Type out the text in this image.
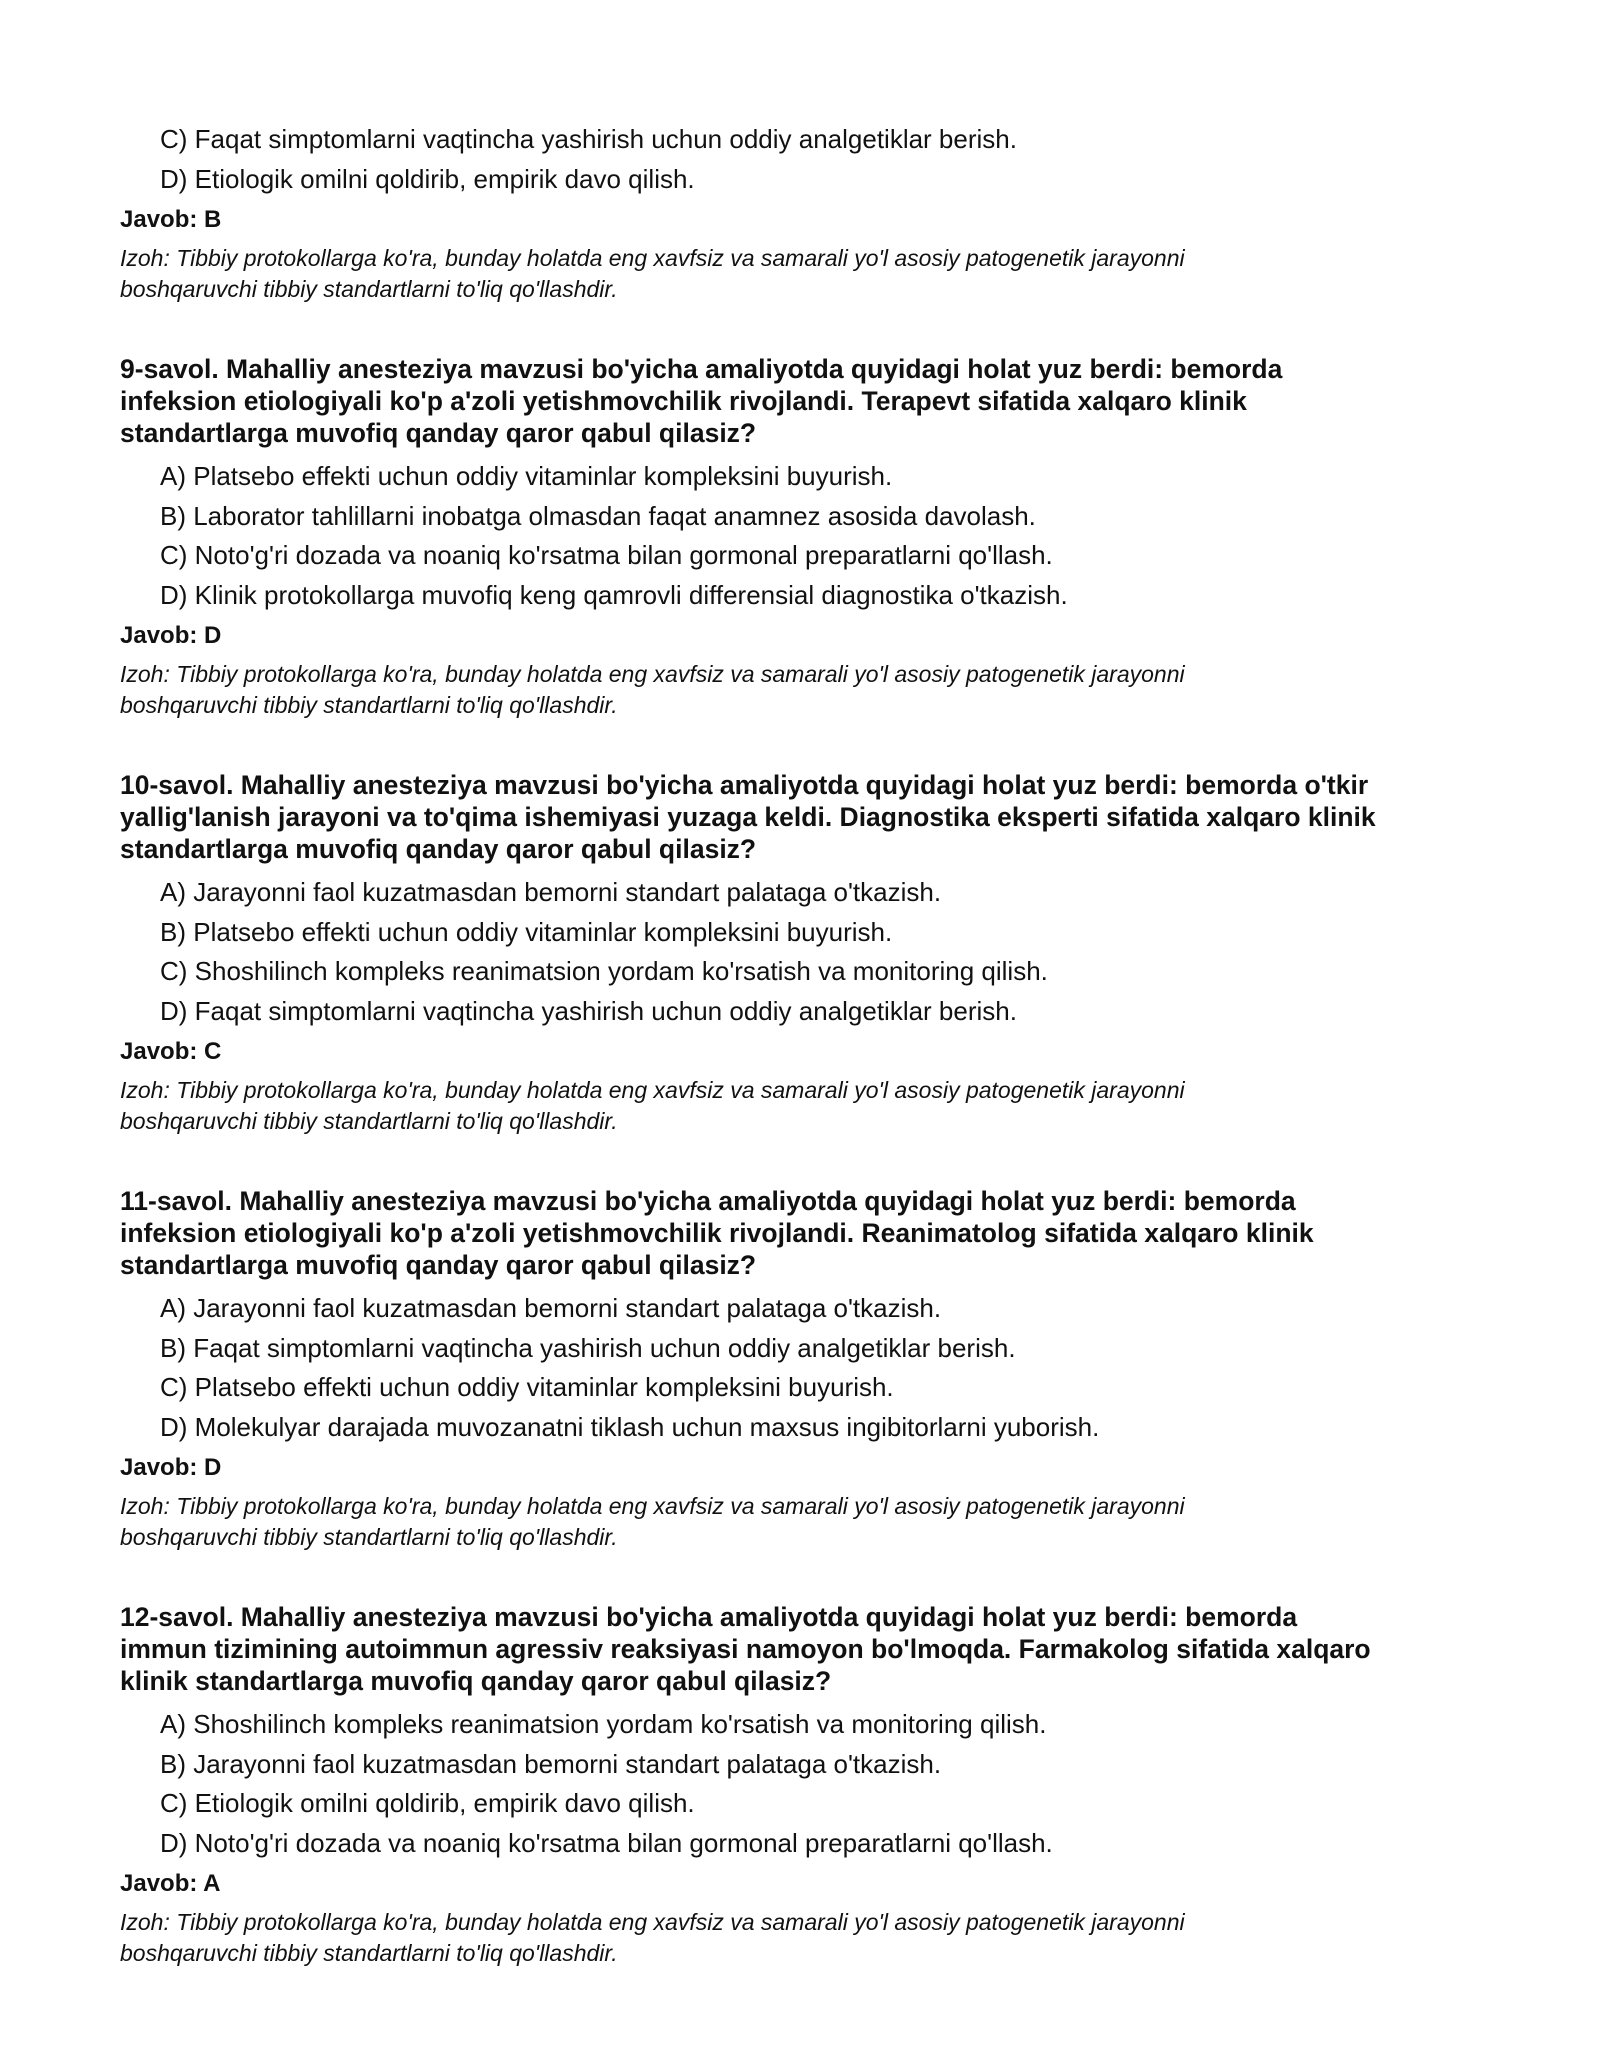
C) Faqat simptomlarni vaqtincha yashirish uchun oddiy analgetiklar berish.
D) Etiologik omilni qoldirib, empirik davo qilish.
Javob: B
Izoh: Tibbiy protokollarga ko'ra, bunday holatda eng xavfsiz va samarali yo'l asosiy patogenetik jarayonni
boshqaruvchi tibbiy standartlarni to'liq qo'llashdir.
9-savol. Mahalliy anesteziya mavzusi bo'yicha amaliyotda quyidagi holat yuz berdi: bemorda
infeksion etiologiyali ko'p a'zoli yetishmovchilik rivojlandi. Terapevt sifatida xalqaro klinik
standartlarga muvofiq qanday qaror qabul qilasiz?
A) Platsebo effekti uchun oddiy vitaminlar kompleksini buyurish.
B) Laborator tahlillarni inobatga olmasdan faqat anamnez asosida davolash.
C) Noto'g'ri dozada va noaniq ko'rsatma bilan gormonal preparatlarni qo'llash.
D) Klinik protokollarga muvofiq keng qamrovli differensial diagnostika o'tkazish.
Javob: D
Izoh: Tibbiy protokollarga ko'ra, bunday holatda eng xavfsiz va samarali yo'l asosiy patogenetik jarayonni
boshqaruvchi tibbiy standartlarni to'liq qo'llashdir.
10-savol. Mahalliy anesteziya mavzusi bo'yicha amaliyotda quyidagi holat yuz berdi: bemorda o'tkir
yallig'lanish jarayoni va to'qima ishemiyasi yuzaga keldi. Diagnostika eksperti sifatida xalqaro klinik
standartlarga muvofiq qanday qaror qabul qilasiz?
A) Jarayonni faol kuzatmasdan bemorni standart palataga o'tkazish.
B) Platsebo effekti uchun oddiy vitaminlar kompleksini buyurish.
C) Shoshilinch kompleks reanimatsion yordam ko'rsatish va monitoring qilish.
D) Faqat simptomlarni vaqtincha yashirish uchun oddiy analgetiklar berish.
Javob: C
Izoh: Tibbiy protokollarga ko'ra, bunday holatda eng xavfsiz va samarali yo'l asosiy patogenetik jarayonni
boshqaruvchi tibbiy standartlarni to'liq qo'llashdir.
11-savol. Mahalliy anesteziya mavzusi bo'yicha amaliyotda quyidagi holat yuz berdi: bemorda
infeksion etiologiyali ko'p a'zoli yetishmovchilik rivojlandi. Reanimatolog sifatida xalqaro klinik
standartlarga muvofiq qanday qaror qabul qilasiz?
A) Jarayonni faol kuzatmasdan bemorni standart palataga o'tkazish.
B) Faqat simptomlarni vaqtincha yashirish uchun oddiy analgetiklar berish.
C) Platsebo effekti uchun oddiy vitaminlar kompleksini buyurish.
D) Molekulyar darajada muvozanatni tiklash uchun maxsus ingibitorlarni yuborish.
Javob: D
Izoh: Tibbiy protokollarga ko'ra, bunday holatda eng xavfsiz va samarali yo'l asosiy patogenetik jarayonni
boshqaruvchi tibbiy standartlarni to'liq qo'llashdir.
12-savol. Mahalliy anesteziya mavzusi bo'yicha amaliyotda quyidagi holat yuz berdi: bemorda
immun tizimining autoimmun agressiv reaksiyasi namoyon bo'lmoqda. Farmakolog sifatida xalqaro
klinik standartlarga muvofiq qanday qaror qabul qilasiz?
A) Shoshilinch kompleks reanimatsion yordam ko'rsatish va monitoring qilish.
B) Jarayonni faol kuzatmasdan bemorni standart palataga o'tkazish.
C) Etiologik omilni qoldirib, empirik davo qilish.
D) Noto'g'ri dozada va noaniq ko'rsatma bilan gormonal preparatlarni qo'llash.
Javob: A
Izoh: Tibbiy protokollarga ko'ra, bunday holatda eng xavfsiz va samarali yo'l asosiy patogenetik jarayonni
boshqaruvchi tibbiy standartlarni to'liq qo'llashdir.
